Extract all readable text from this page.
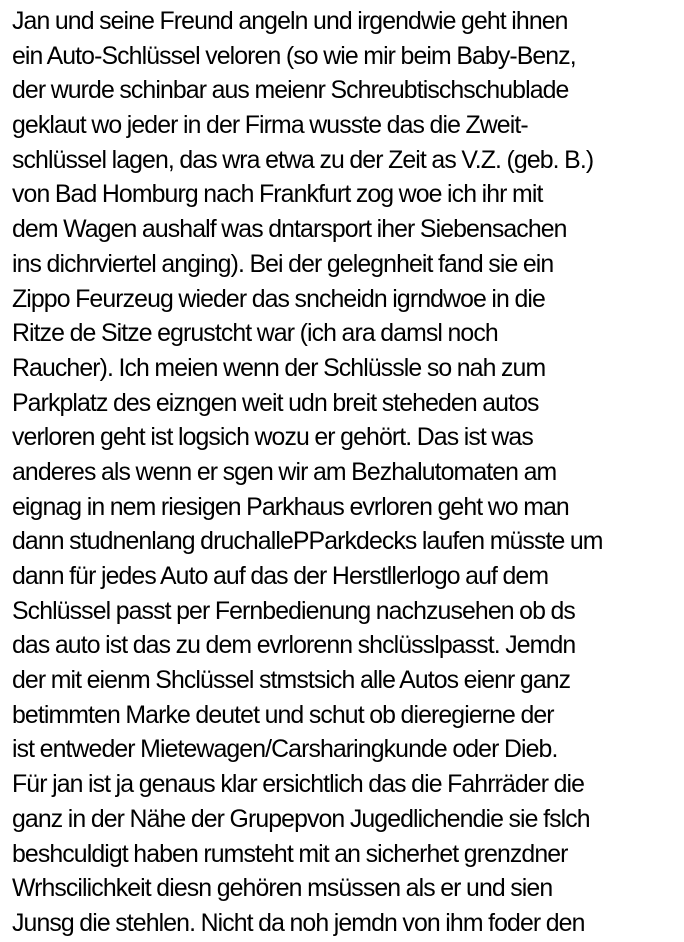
Jan und seine Freund angeln und irgendwie geht ihnen
ein Auto-Schlüssel veloren (so wie mir beim Baby-Benz,
der wurde schinbar aus meienr Schreubtischschublade
geklaut wo jeder in der Firma wusste das die Zweit-
schlüssel lagen, das wra etwa zu der Zeit as V.Z. (geb. B.)
von Bad Homburg nach Frankfurt zog woe ich ihr mit
dem Wagen aushalf was dntarsport iher Siebensachen
ins dichrviertel anging). Bei der gelegnheit fand sie ein
Zippo Feurzeug wieder das sncheidn igrndwoe in die
Ritze de Sitze egrustcht war (ich ara damsl noch
Raucher). Ich meien wenn der Schlüssle so nah zum
Parkplatz des eizngen weit udn breit steheden autos
verloren geht ist logsich wozu er gehört. Das ist was
anderes als wenn er sgen wir am Bezhalutomaten am
eignag in nem riesigen Parkhaus evrloren geht wo man
dann studnenlang druchallePParkdecks laufen müsste um
dann für jedes Auto auf das der Herstllerlogo auf dem
Schlüssel passt per Fernbedienung nachzusehen ob ds
das auto ist das zu dem evrlorenn shclüsslpasst. Jemdn
der mit eienm Shclüssel stmstsich alle Autos eienr ganz
betimmten Marke deutet und schut ob dieregierne der
ist entweder Mietewagen/Carsharingkunde oder Dieb.
Für jan ist ja genaus klar ersichtlich das die Fahrräder die
ganz in der Nähe der Grupepvon Jugedlichendie sie fslch
beshculdigt haben rumsteht mit an sicherhet grenzdner
Wrhscilichkeit diesn gehören msüssen als er und sien
Junsg die stehlen. Nicht da noh jemdn von ihm foder den
